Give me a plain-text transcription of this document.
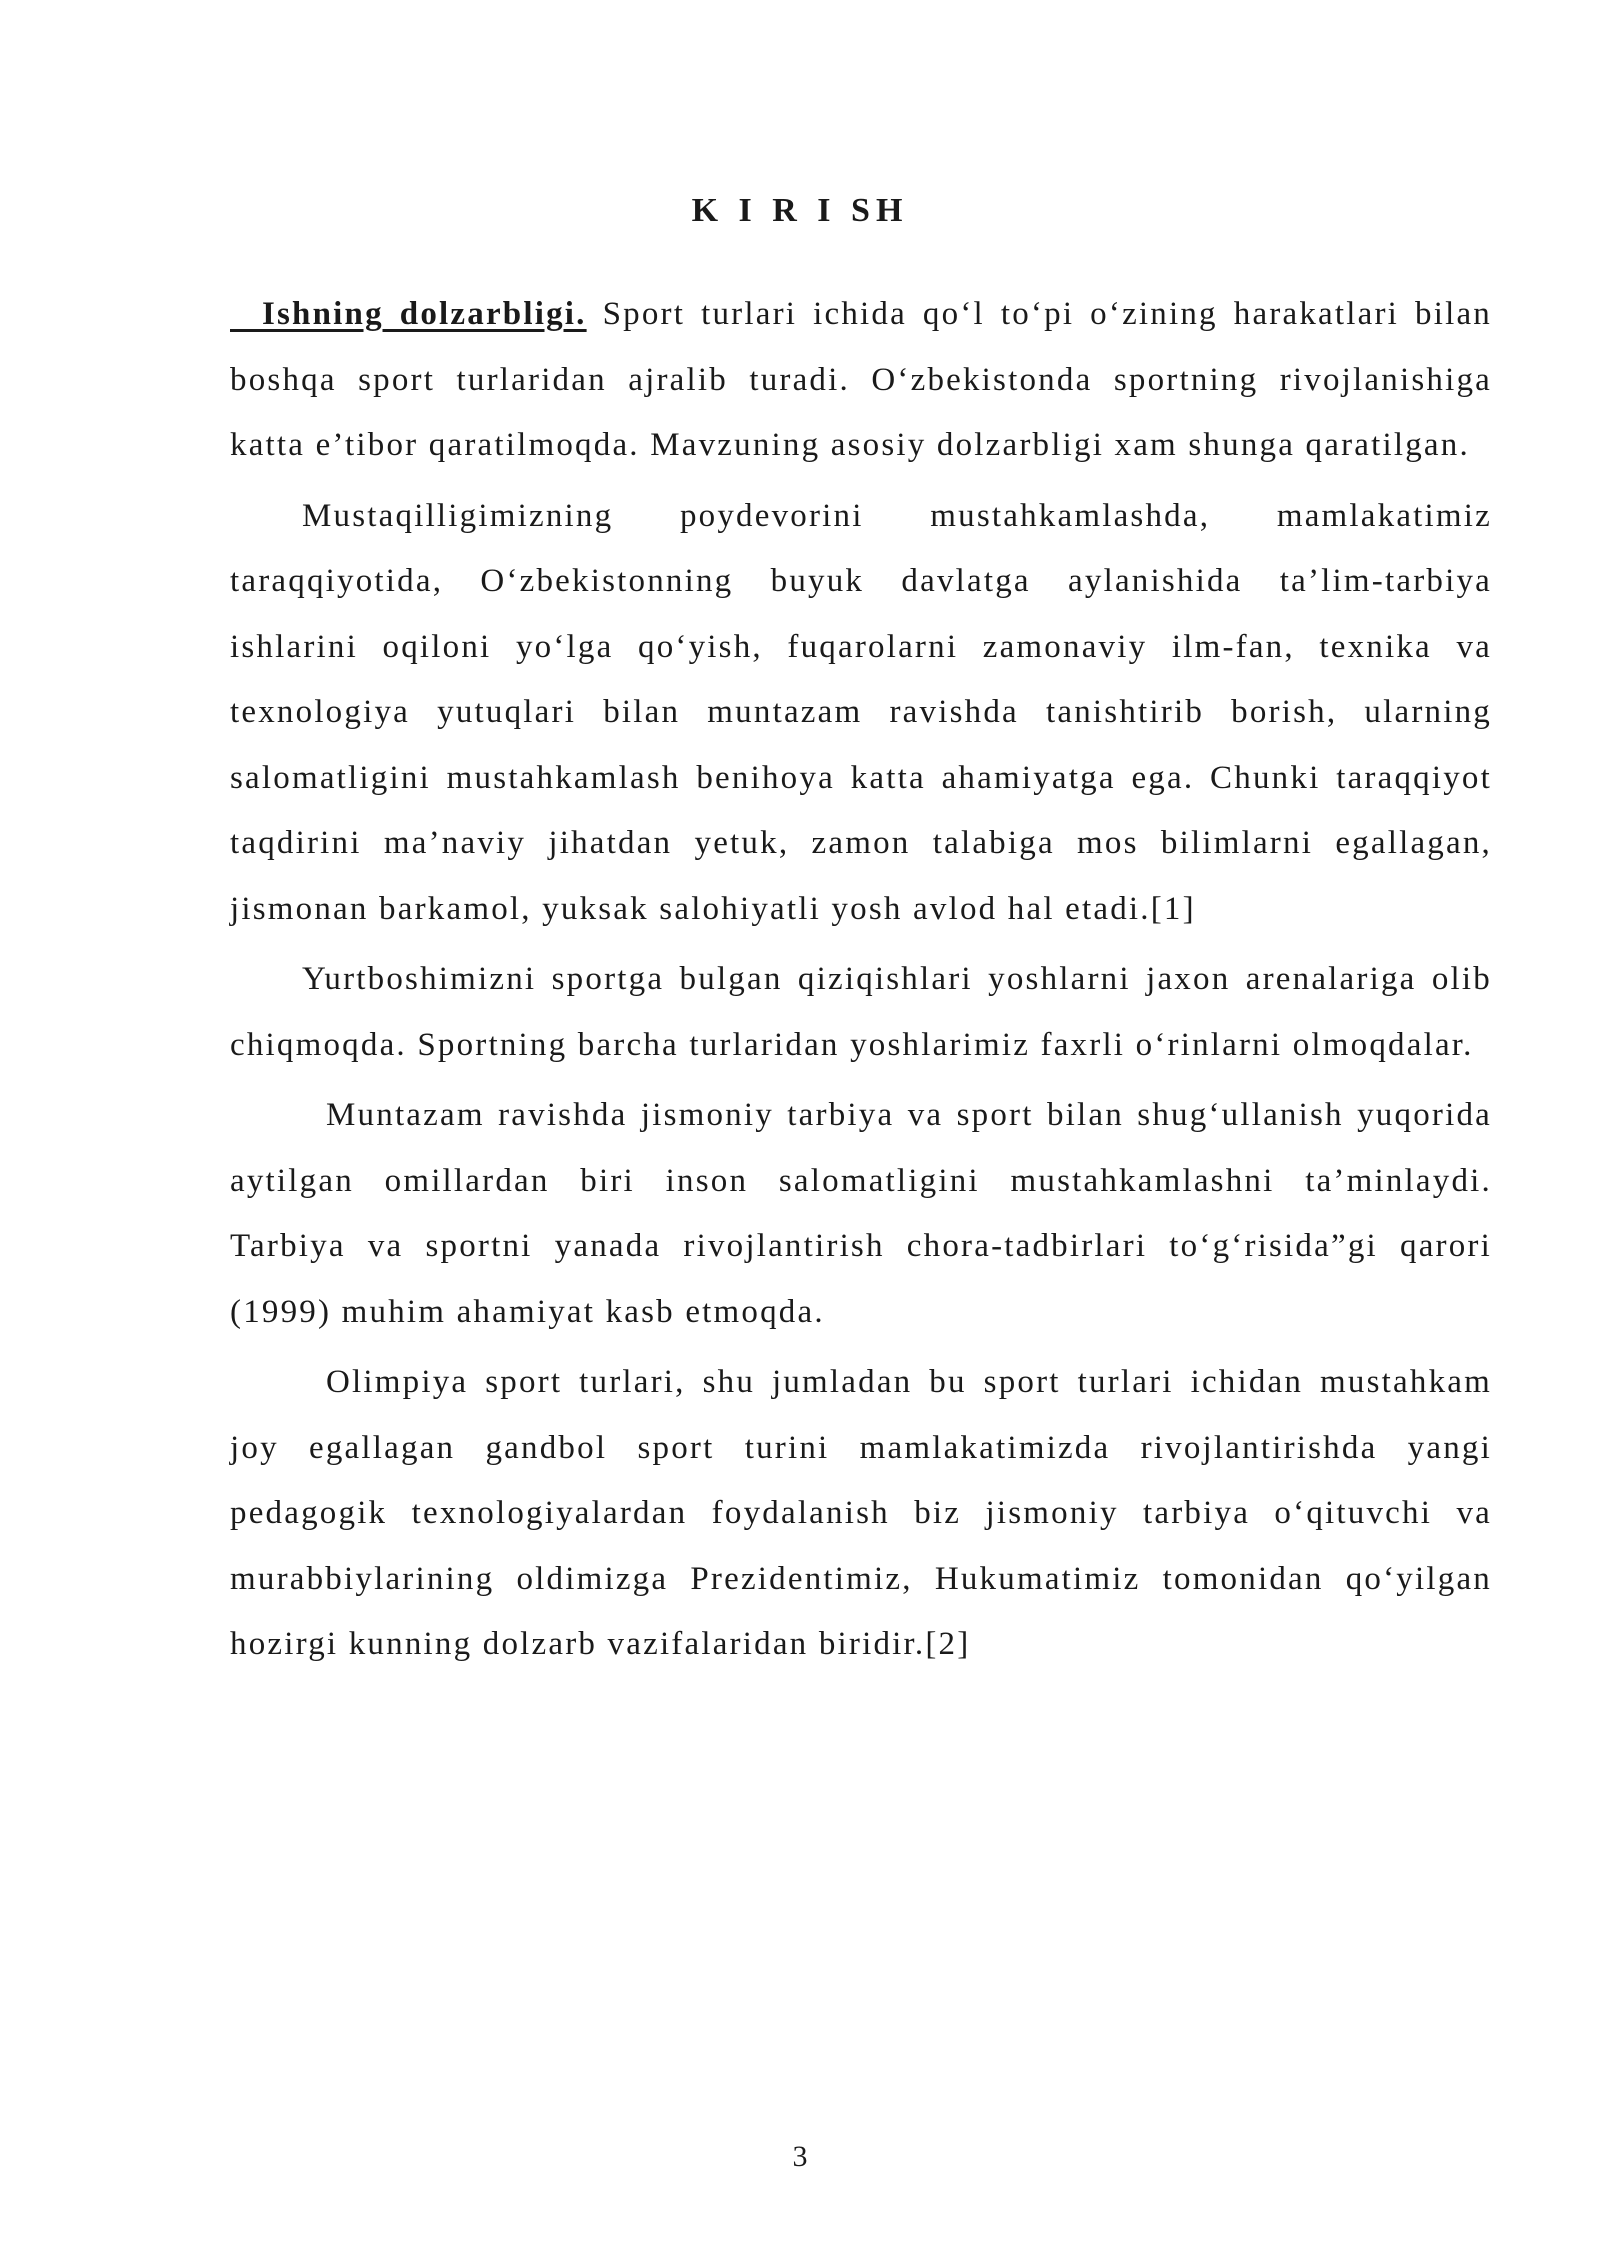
K I R I SH

Ishning dolzarbligi. Sport turlari ichida qo‘l to‘pi o‘zining harakatlari bilan boshqa sport turlaridan ajralib turadi. O‘zbekistonda sportning rivojlanishiga katta e’tibor qaratilmoqda. Mavzuning asosiy dolzarbligi xam shunga qaratilgan.

Mustaqilligimizning poydevorini mustahkamlashda, mamlakatimiz taraqqiyotida, O‘zbekistonning buyuk davlatga aylanishida ta’lim-tarbiya ishlarini oqiloni yo‘lga qo‘yish, fuqarolarni zamonaviy ilm-fan, texnika va texnologiya yutuqlari bilan muntazam ravishda tanishtirib borish, ularning salomatligini mustahkamlash benihoya katta ahamiyatga ega. Chunki taraqqiyot taqdirini ma’naviy jihatdan yetuk, zamon talabiga mos bilimlarni egallagan, jismonan barkamol, yuksak salohiyatli yosh avlod hal etadi.[1]

Yurtboshimizni sportga bulgan qiziqishlari yoshlarni jaxon arenalariga olib chiqmoqda. Sportning barcha turlaridan yoshlarimiz faxrli o‘rinlarni olmoqdalar.

Muntazam ravishda jismoniy tarbiya va sport bilan shug‘ullanish yuqorida aytilgan omillardan biri inson salomatligini mustahkamlashni ta’minlaydi. Tarbiya va sportni yanada rivojlantirish chora-tadbirlari to‘g‘risida”gi qarori (1999) muhim ahamiyat kasb etmoqda.

Olimpiya sport turlari, shu jumladan bu sport turlari ichidan mustahkam joy egallagan gandbol sport turini mamlakatimizda rivojlantirishda yangi pedagogik texnologiyalardan foydalanish biz jismoniy tarbiya o‘qituvchi va murabbiylarining oldimizga Prezidentimiz, Hukumatimiz tomonidan qo‘yilgan hozirgi kunning dolzarb vazifalaridan biridir.[2]

3
